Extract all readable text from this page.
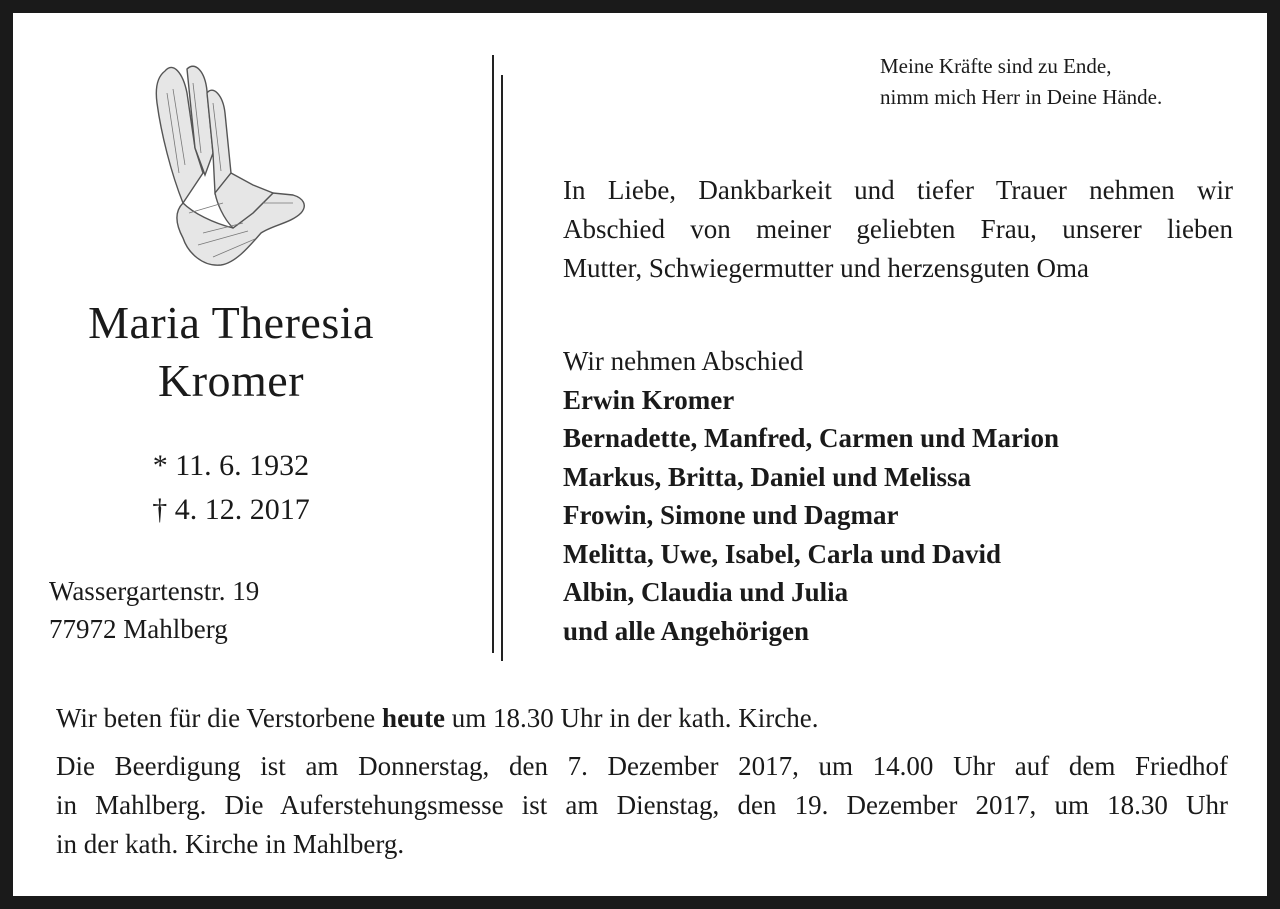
Maria Theresia
Kromer
* 11. 6. 1932
† 4. 12. 2017
Wassergartenstr. 19
77972 Mahlberg
Meine Kräfte sind zu Ende,
nimm mich Herr in Deine Hände.
In Liebe, Dankbarkeit und tiefer Trauer nehmen wir
Abschied von meiner geliebten Frau, unserer lieben
Mutter, Schwiegermutter und herzensguten Oma
Wir nehmen Abschied
Erwin Kromer
Bernadette, Manfred, Carmen und Marion
Markus, Britta, Daniel und Melissa
Frowin, Simone und Dagmar
Melitta, Uwe, Isabel, Carla und David
Albin, Claudia und Julia
und alle Angehörigen
Wir beten für die Verstorbene heute um 18.30 Uhr in der kath. Kirche.
Die Beerdigung ist am Donnerstag, den 7. Dezember 2017, um 14.00 Uhr auf dem Friedhof
in Mahlberg. Die Auferstehungsmesse ist am Dienstag, den 19. Dezember 2017, um 18.30 Uhr
in der kath. Kirche in Mahlberg.
